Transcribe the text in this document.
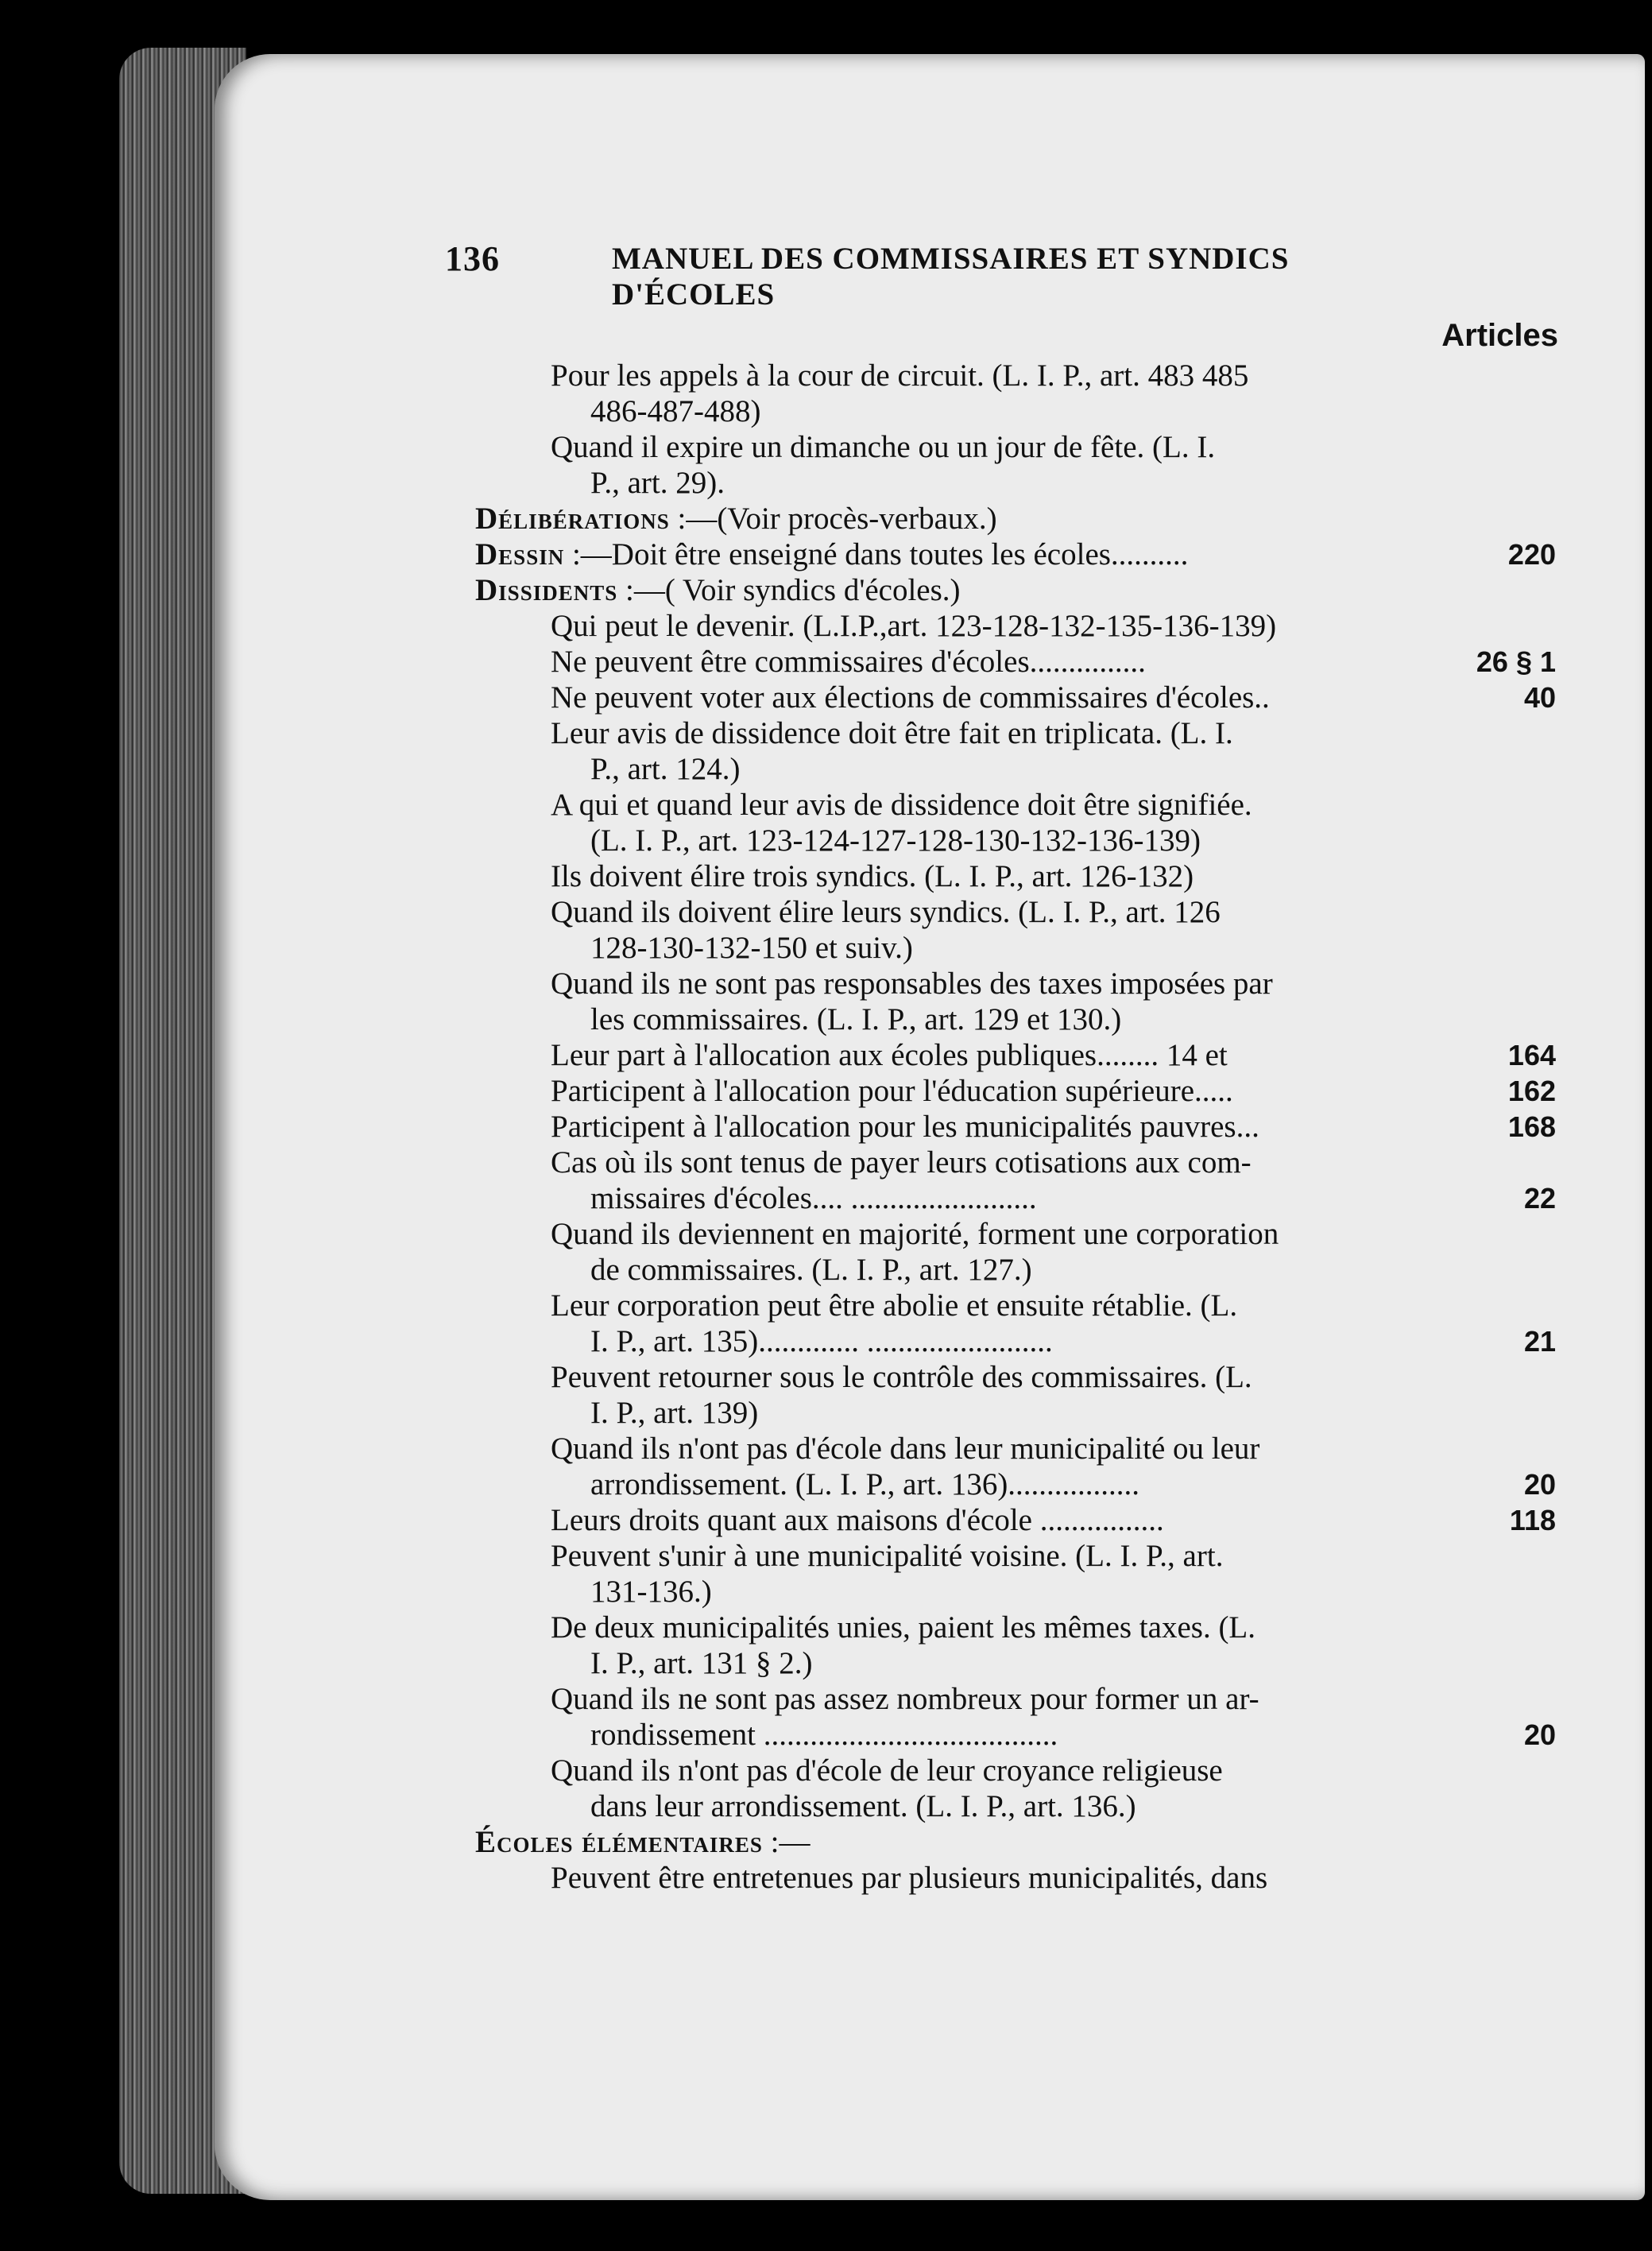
136	MANUEL DES COMMISSAIRES ET SYNDICS D'ÉCOLES
Articles
Pour les appels à la cour de circuit. (L. I. P., art. 483 485
486-487-488)
Quand il expire un dimanche ou un jour de fête. (L. I.
P., art. 29).
Délibérations :—(Voir procès-verbaux.)
Dessin :—Doit être enseigné dans toutes les écoles..........	220
Dissidents :—( Voir syndics d'écoles.)
Qui peut le devenir. (L.I.P.,art. 123-128-132-135-136-139)
Ne peuvent être commissaires d'écoles...............	26 § 1
Ne peuvent voter aux élections de commissaires d'écoles..	40
Leur avis de dissidence doit être fait en triplicata. (L. I.
P., art. 124.)
A qui et quand leur avis de dissidence doit être signifiée.
(L. I. P., art. 123-124-127-128-130-132-136-139)
Ils doivent élire trois syndics. (L. I. P., art. 126-132)
Quand ils doivent élire leurs syndics. (L. I. P., art. 126
128-130-132-150 et suiv.)
Quand ils ne sont pas responsables des taxes imposées par
les commissaires. (L. I. P., art. 129 et 130.)
Leur part à l'allocation aux écoles publiques........ 14 et	164
Participent à l'allocation pour l'éducation supérieure.....	162
Participent à l'allocation pour les municipalités pauvres...	168
Cas où ils sont tenus de payer leurs cotisations aux com-
missaires d'écoles.... ........................	22
Quand ils deviennent en majorité, forment une corporation
de commissaires. (L. I. P., art. 127.)
Leur corporation peut être abolie et ensuite rétablie. (L.
I. P., art. 135)............. ........................	21
Peuvent retourner sous le contrôle des commissaires. (L.
I. P., art. 139)
Quand ils n'ont pas d'école dans leur municipalité ou leur
arrondissement. (L. I. P., art. 136).................	20
Leurs droits quant aux maisons d'école ................	118
Peuvent s'unir à une municipalité voisine. (L. I. P., art.
131-136.)
De deux municipalités unies, paient les mêmes taxes. (L.
I. P., art. 131 § 2.)
Quand ils ne sont pas assez nombreux pour former un ar-
rondissement ......................................	20
Quand ils n'ont pas d'école de leur croyance religieuse
dans leur arrondissement. (L. I. P., art. 136.)
Écoles élémentaires :—
Peuvent être entretenues par plusieurs municipalités, dans
